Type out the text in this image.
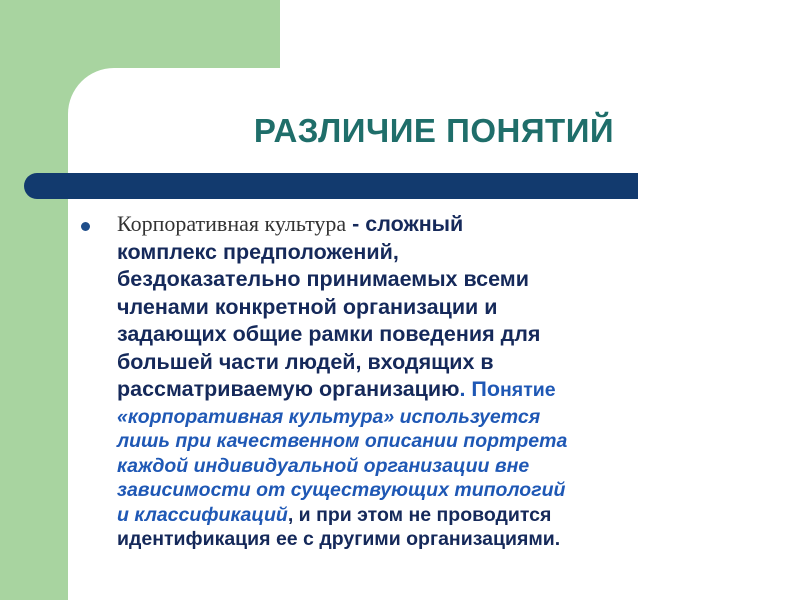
РАЗЛИЧИЕ ПОНЯТИЙ
Корпоративная культура - сложный
комплекс предположений,
бездоказательно принимаемых всеми
членами конкретной организации и
задающих общие рамки поведения для
большей части людей, входящих в
рассматриваемую организацию. Понятие
«корпоративная культура» используется
лишь при качественном описании портрета
каждой индивидуальной организации вне
зависимости от существующих типологий
и классификаций, и при этом не проводится
идентификация ее с другими организациями.
